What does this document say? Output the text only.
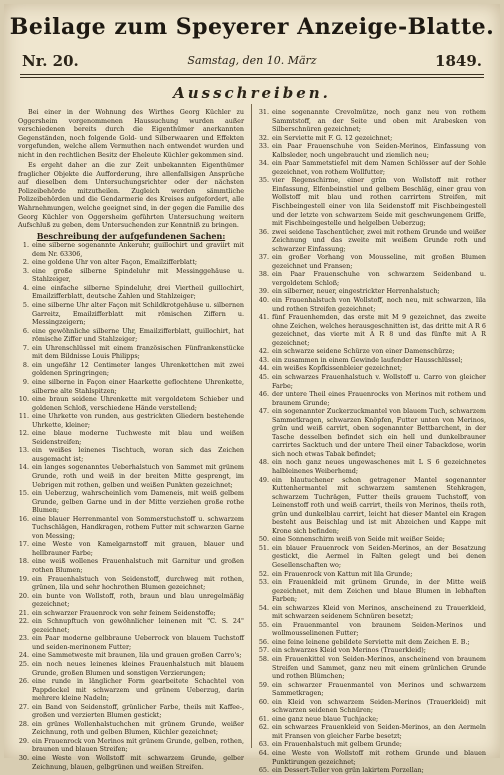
Beilage zum Speyerer Anzeige-Blatte.
Nr. 20.	Samstag, den 10. März	1849.
Ausschreiben.

Bei einer in der Wohnung des Wirthes Georg Küchler zu Oggersheim vorgenommenen Haussuchung wurden außer verschiedenen bereits durch die Eigenthümer anerkannten Gegenständen, noch folgende Gold- und Silberwaaren und Effekten vorgefunden, welche allem Vermuthen nach entwendet wurden und nicht in den rechtlichen Besitz der Eheleute Küchler gekommen sind.

Es ergeht daher an die zur Zeit unbekannten Eigenthümer fraglicher Objekte die Aufforderung, ihre allenfallsigen Ansprüche auf dieselben dem Untersuchungsrichter oder der nächsten Polizeibehörde mitzutheilen. Zugleich werden sämmtliche Polizeibehörden und die Gendarmerie des Kreises aufgefordert, alle Wahrnehmungen, welche geeignet sind, in der gegen die Familie des Georg Küchler von Oggersheim geführten Untersuchung weitern Aufschluß zu geben, dem Untersuchenden zur Kenntniß zu bringen.

Beschreibung der aufgefundenen Sachen:
1. eine silberne sogenannte Ankeruhr, guillochirt und graviirt mit dem Nr. 63306,
2. eine goldene Uhr von alter Façon, Emailzifferblatt;
3. eine große silberne Spindeluhr mit Messinggehäuse u. Stahlzeiger,
4. eine einfache silberne Spindeluhr, drei Viertheil guillochirt, Emailzifferblatt, deutsche Zahlen und Stahlzeiger;
5. eine silberne Uhr alter Façon mit Schildkrotgehäuse u. silbernen Garreitz, Emailzifferblatt mit römischen Ziffern u. Messingzeigern;
6. eine gewöhnliche silberne Uhr, Emailzifferblatt, guillochirt, hat römische Ziffer und Stahlzeiger;
7. ein Uhrenschlüssel mit einem französischen Fünfrankenstücke mit dem Bildnisse Louis Philipps;
8. ein ungefähr 12 Centimeter langes Uhrenkettchen mit zwei goldenen Springringen;
9. eine silberne in Façon einer Haarkette geflochtene Uhrenkette, silberne alte Stahlspitzen;
10. eine braun seidene Uhrenkette mit vergoldetem Schieber und goldenen Schloß, verschiedene Hände verstellend;
11. eine Uhrkette von runden, aus gestrickten Gliedern bestehende Uhrkette, kleiner;
12. eine blaue moderne Tuchweste mit blau und weißen Seidenstreifen;
13. ein weißes leinenes Tischtuch, woran sich das Zeichen ausgemacht ist;
14. ein langes sogenanntes Ueberhalstuch von Sammet mit grünem Grunde, roth und weiß in der breiten Mitte gesprengt, im Uebrigen mit rothen, gelben und weißen Punkten gezeichnet;
15. ein Ueberzug, wahrscheinlich vom Dameneis, mit weiß gelbem Grunde, gelben Garne und in der Mitte verziehen große rothe Blumen;
16. eine blauer Herrenmantel von Sommerstuchstoff u. schwarzem Tuchschlägen, Handkragen, rothem Futter mit schwarzen Garne von Messing;
17. eine Weste von Kamelgarnstoff mit grauen, blauer und hellbrauner Farbe;
18. eine weiß wollenes Frauenhalstuch mit Garnitur und großen rothen Blumen;
19. ein Frauenhalstuch von Seidenstoff, durchweg mit rothen, grünen, lila und sehr hochrothen Blumen gezeichnet;
20. ein bunte von Wollstoff, roth, braun und blau unregelmäßig gezeichnet;
21. ein schwarzer Frauenrock von sehr feinem Seidenstoffe;
22. ein Schnupftuch von gewöhnlicher leinenen mit "C. S. 24" gezeichnet;
23. ein Paar moderne gelbbraune Ueberrock von blauem Tuchstoff und seiden-merinonem Futter;
24. eine Sammetweste mit braunen, lila und grauen großen Carro's;
25. ein noch neues leinenes kleines Frauenhalstuch mit blauem Grunde, großen Blumen und sonstigen Verzierungen;
26. eine runde in länglicher Form gearbeitete Schachtel von Pappdeckel mit schwarzem und grünem Ueberzug, darin mehrere kleine Nadeln;
27. ein Band von Seidenstoff, grünlicher Farbe, theils mit Kaffee-, großen und verzierten Blumen gestickt;
28. ein grünes Wollenhalstuchchen mit grünem Grunde, weißer Zeichnung, roth und gelben Blumen, Küchler gezeichnet;
29. ein Frauenrock von Merinos mit grünem Grunde, gelben, rothen, braunen und blauen Streifen;
30. eine Weste von Wollstoff mit schwarzem Grunde, gelber Zeichnung, blauen, gelbgrünen und weißen Streifen.
31. eine sogenannte Crevolmütze, noch ganz neu von rothem Sammtstoff, an der Seite und oben mit Arabesken von Silberschnüren gezeichnet;
32. ein Serviette mit F. G. 12 gezeichnet;
33. ein Paar Frauenschuhe von Seiden-Merinos, Einfassung von Kalbsleder, noch ungebraucht und ziemlich neu;
34. ein Paar Sammetstiefel mit dem Namen Schlösser auf der Sohle gezeichnet, von rothem Wollfutter;
35. vier Regenschirme, einer grün von Wollstoff mit rother Einfassung, Elfenbeinstiel und gelbem Beschläg, einer grau von Wollstoff mit blau und rothen carrirtem Streifen, mit Fischbeingestell einer von lila Seidenstoff mit Fischbeingestell und der letzte von schwarzem Seide mit geschwungenem Griffe, mit Fischbeingestelle und helgelben Ueberzug;
36. zwei seidene Taschentücher, zwei mit rothem Grunde und weißer Zeichnung und das zweite mit weißem Grunde roth und schwarzer Einfassung;
37. ein großer Vorhang von Mousseline, mit großen Blumen gezeichnet und Fransen;
38. ein Paar Frauenschuhe von schwarzem Seidenband u. vergoldetem Schloß;
39. ein silberner, neuer, eingestrickter Herrenhalstuch;
40. ein Frauenhalstuch von Wollstoff, noch neu, mit schwarzen, lila und rothen Streifen gezeichnet;
41. fünf Frauenhemden, das erste mit M 9 gezeichnet, das zweite ohne Zeichen, welches herausgeschnitten ist, das dritte mit A R 6 gezeichnet, das vierte mit A R 8 und das fünfte mit A R gezeichnet;
42. ein schwarze seidene Schürze von einer Damenschürze;
43. ein zusammen in einem Gewinde laufender Hausschlüssel;
44. ein weißes Kopfkissenbleier gezeichnet;
45. ein schwarzes Frauenhalstuch v. Wollstoff u. Carro von gleicher Farbe;
46. der untere Theil eines Frauenrocks von Merinos mit rothem und braunem Grunde;
47. ein sogenannter Zuckerzuckmantel von blauem Tuch, schwarzem Sammetkragen, schwarzen Knöpfen, Futter unten von Merinos, grün und weiß carrirt, oben sogenannter Bettbarchent, in der Tasche desselben befindet sich ein hell und dunkelbrauner carrirtes Sacktuch und der untere Theil einer Tabackdose, worin sich noch etwas Tabak befindet;
48. ein noch ganz neues ungewaschenes mit L S 6 gezeichnetes halbleinenes Weiberhemd;
49. ein blautuchener schon getragener Mantel sogenannter Kuttenhermantel mit schwarzem samtenen Stehkragen, schwarzem Tuchrägen, Futter theils grauem Tuchstoff, von Leinenstoff roth und weiß carrirt, theils von Merinos, theils roth, grün und dunkelblau carrirt, leicht hat dieser Mantel ein Kragen besteht aus Beischlag und ist mit Abzeichen und Kappe mit Krone sich befinden;
50. eine Sonnenschirm weiß von Seide mit weißer Seide;
51. ein blauer Frauenrock von Seiden-Merinos, an der Besatzung gestickt, die Aermel in Falten gelegt und bei denen Gesellenschaften wo;
52. ein Frauenrock von Kattun mit lila Grunde;
53. ein Frauenkleid mit grünem Grunde, in der Mitte weiß gezeichnet, mit dem Zeichen und blaue Blumen in lebhaften Farben;
54. ein schwarzes Kleid von Merinos, anscheinend zu Trauerkleid, mit schwarzen seidenem Schnüren besetzt;
55. ein Frauenmantel von braunem Seiden-Merinos und wollmousselinenen Futter;
56. eine feine leinene gebildete Serviette mit dem Zeichen E. B.;
57. ein schwarzes Kleid von Merinos (Trauerkleid);
58. ein Frauenkittel von Seiden-Merinos, anscheinend von braunem Streifen und Sammet, ganz neu mit einem grünlichen Grunde und rothen Blümchen;
59. ein schwarzer Frauenmantel von Merinos und schwarzem Sammetkragen;
60. ein Kleid von schwarzem Seiden-Merinos (Trauerkleid) mit schwarzen seidenen Schnüren;
61. eine ganz neue blaue Tuchjacke;
62. ein schwarzes Frauenkleid von Seiden-Merinos, an den Aermeln mit Fransen von gleicher Farbe besetzt;
63. ein Frauenhalstuch mit gelbem Grunde;
64. eine Weste von Wollstoff mit rothem Grunde und blauen Punktirungen gezeichnet;
65. ein Dessert-Teller von grün lakirtem Porzellan;
